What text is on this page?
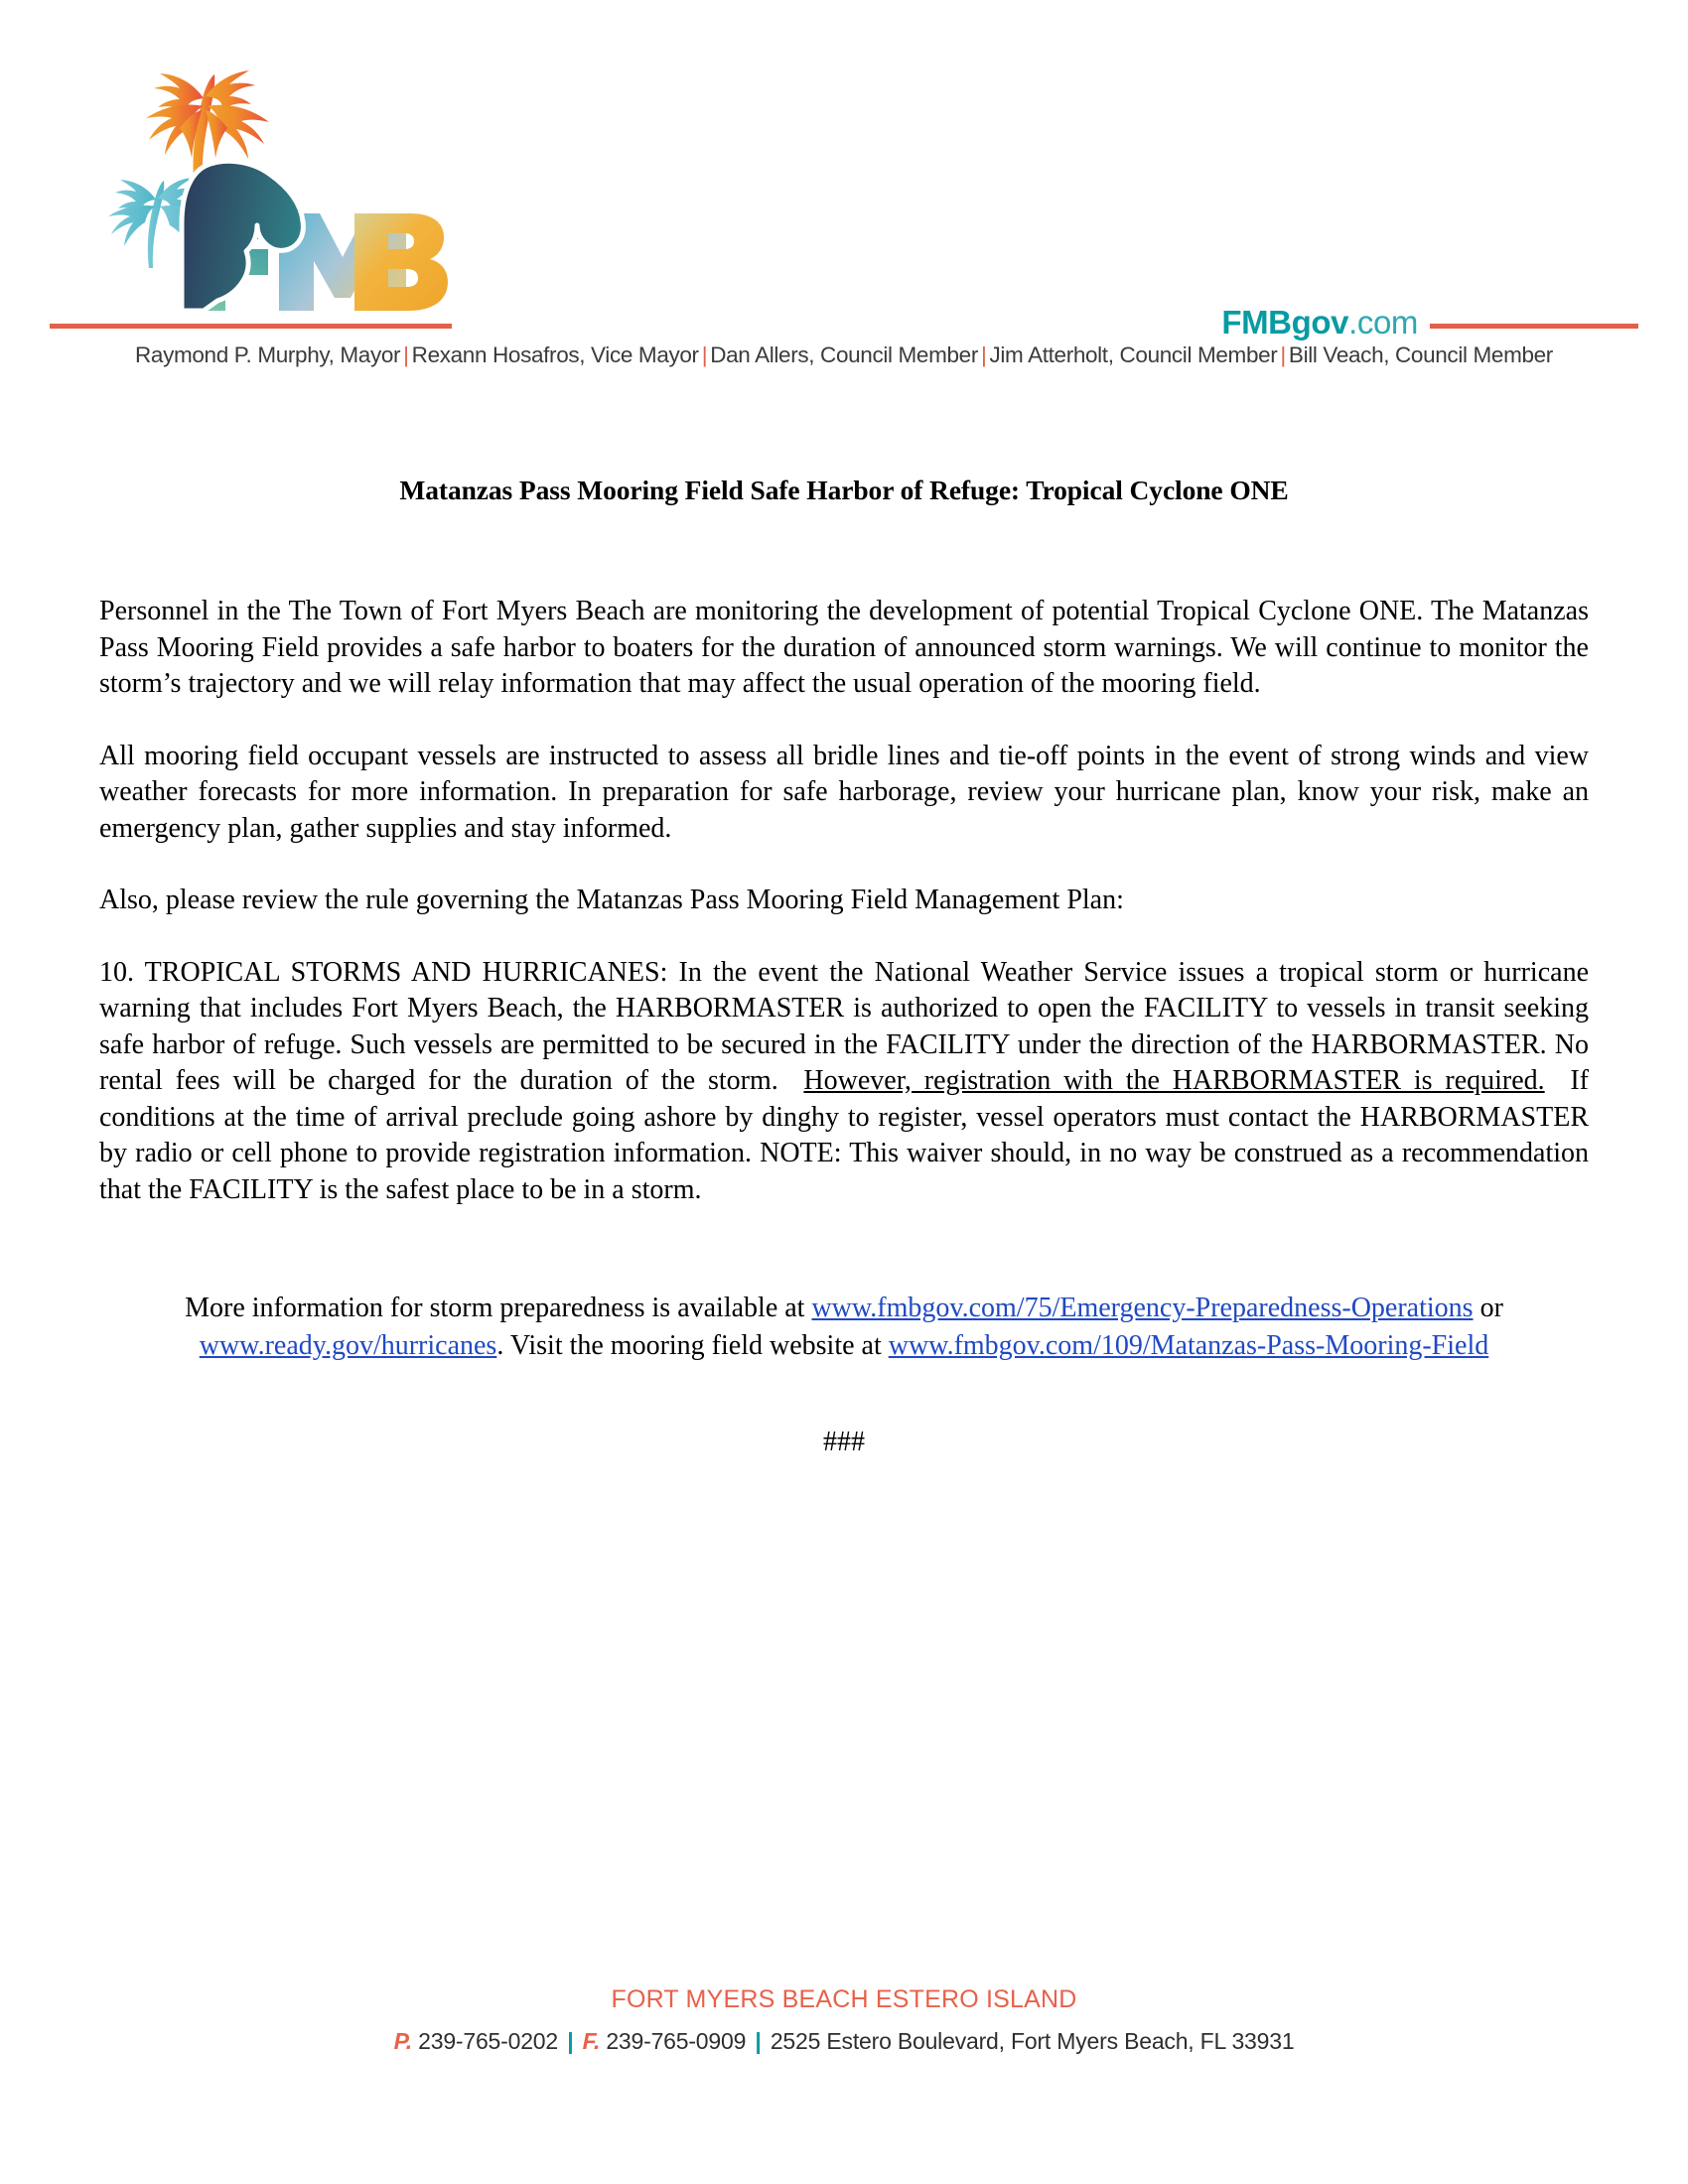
FMBgov.com
Raymond P. Murphy, Mayor | Rexann Hosafros, Vice Mayor | Dan Allers, Council Member | Jim Atterholt, Council Member | Bill Veach, Council Member
Matanzas Pass Mooring Field Safe Harbor of Refuge: Tropical Cyclone ONE

Personnel in the The Town of Fort Myers Beach are monitoring the development of potential Tropical Cyclone ONE. The Matanzas Pass Mooring Field provides a safe harbor to boaters for the duration of announced storm warnings. We will continue to monitor the storm’s trajectory and we will relay information that may affect the usual operation of the mooring field.

All mooring field occupant vessels are instructed to assess all bridle lines and tie-off points in the event of strong winds and view weather forecasts for more information. In preparation for safe harborage, review your hurricane plan, know your risk, make an emergency plan, gather supplies and stay informed.

Also, please review the rule governing the Matanzas Pass Mooring Field Management Plan:

10. TROPICAL STORMS AND HURRICANES: In the event the National Weather Service issues a tropical storm or hurricane warning that includes Fort Myers Beach, the HARBORMASTER is authorized to open the FACILITY to vessels in transit seeking safe harbor of refuge. Such vessels are permitted to be secured in the FACILITY under the direction of the HARBORMASTER. No rental fees will be charged for the duration of the storm. However, registration with the HARBORMASTER is required. If conditions at the time of arrival preclude going ashore by dinghy to register, vessel operators must contact the HARBORMASTER by radio or cell phone to provide registration information. NOTE: This waiver should, in no way be construed as a recommendation that the FACILITY is the safest place to be in a storm.

More information for storm preparedness is available at www.fmbgov.com/75/Emergency-Preparedness-Operations or www.ready.gov/hurricanes. Visit the mooring field website at www.fmbgov.com/109/Matanzas-Pass-Mooring-Field
###
FORT MYERS BEACH ESTERO ISLAND
P. 239-765-0202 | F. 239-765-0909 | 2525 Estero Boulevard, Fort Myers Beach, FL 33931
